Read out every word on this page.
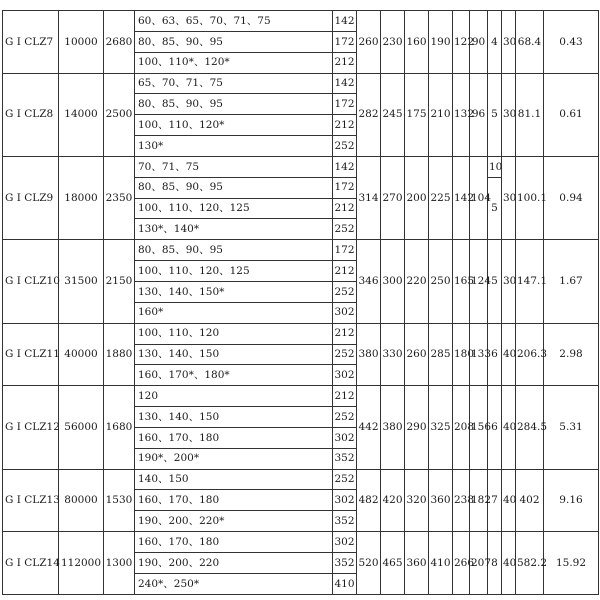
G I CLZ7	10000	2680	60、63、65、70、71、75	142	260	230	160	190	122	90	4	30	68.4	0.43
			80、85、90、95	172										
			100、110*、120*	212										
G I CLZ8	14000	2500	65、70、71、75	142	282	245	175	210	132	96	5	30	81.1	0.61
			80、85、90、95	172										
			100、110、120*	212										
			130*	252										
G I CLZ9	18000	2350	70、71、75	142	314	270	200	225	142	104	10	30	100.1	0.94
			80、85、90、95	172							5			
			100、110、120、125	212										
			130*、140*	252										
G I CLZ10	31500	2150	80、85、90、95	172	346	300	220	250	165	124	5	30	147.1	1.67
			100、110、120、125	212										
			130、140、150*	252										
			160*	302										
G I CLZ11	40000	1880	100、110、120	212	380	330	260	285	180	133	6	40	206.3	2.98
			130、140、150	252										
			160、170*、180*	302										
G I CLZ12	56000	1680	120	212	442	380	290	325	208	156	6	40	284.5	5.31
			130、140、150	252										
			160、170、180	302										
			190*、200*	352										
G I CLZ13	80000	1530	140、150	252	482	420	320	360	238	182	7	40	402	9.16
			160、170、180	302										
			190、200、220*	352										
G I CLZ14	112000	1300	160、170、180	302	520	465	360	410	266	207	8	40	582.2	15.92
			190、200、220	352										
			240*、250*	410										
